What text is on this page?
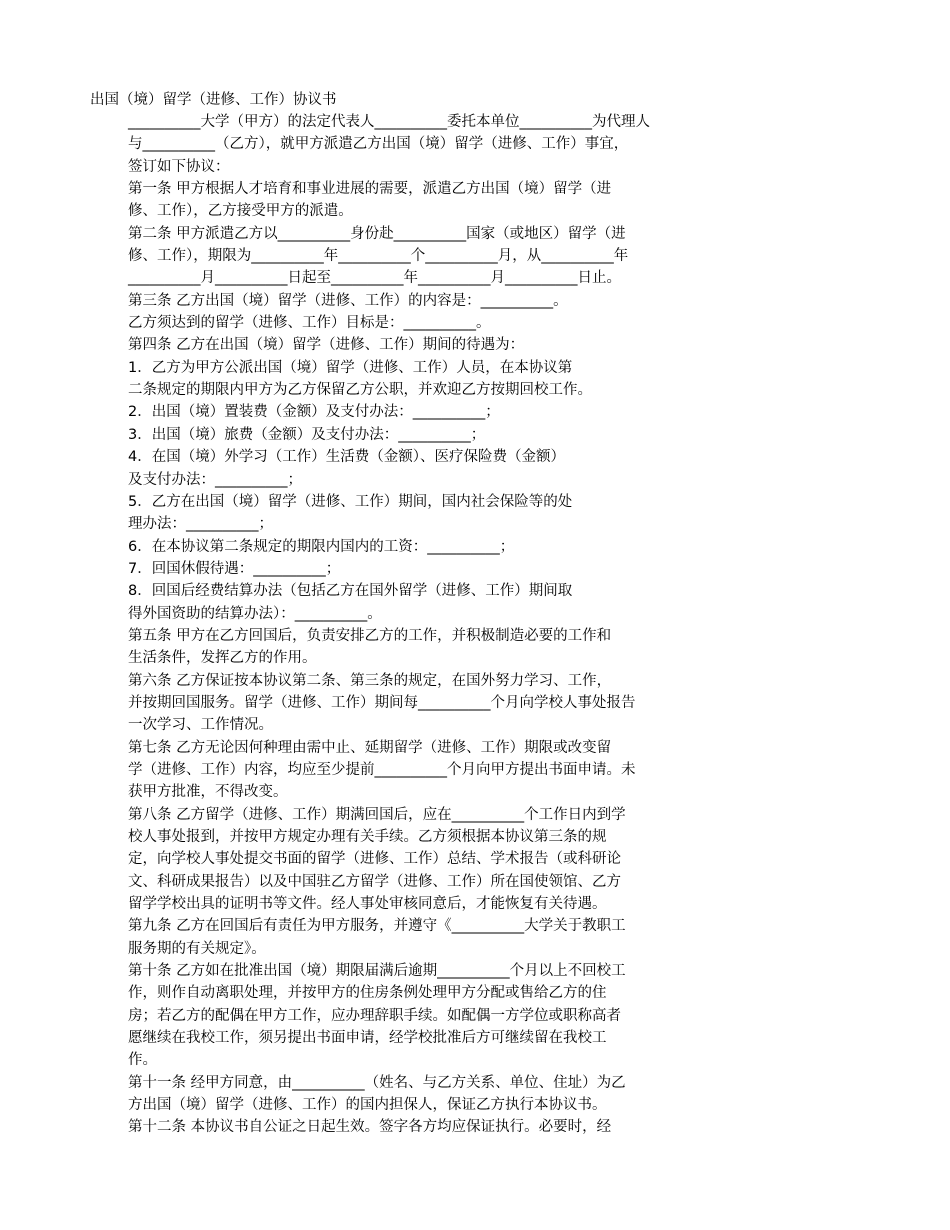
出国（境）留学（进修、工作）协议书
__________大学（甲方）的法定代表人__________委托本单位__________为代理人
与__________（乙方），就甲方派遣乙方出国（境）留学（进修、工作）事宜，
签订如下协议：
第一条 甲方根据人才培育和事业进展的需要，派遣乙方出国（境）留学（进
修、工作），乙方接受甲方的派遣。
第二条 甲方派遣乙方以__________身份赴__________国家（或地区）留学（进
修、工作），期限为__________年__________个__________月，从__________年
__________月__________日起至__________年__________月__________日止。
第三条 乙方出国（境）留学（进修、工作）的内容是：__________。
乙方须达到的留学（进修、工作）目标是：__________。
第四条 乙方在出国（境）留学（进修、工作）期间的待遇为：
1．乙方为甲方公派出国（境）留学（进修、工作）人员，在本协议第
二条规定的期限内甲方为乙方保留乙方公职，并欢迎乙方按期回校工作。
2．出国（境）置装费（金额）及支付办法：__________；
3．出国（境）旅费（金额）及支付办法：__________；
4．在国（境）外学习（工作）生活费（金额）、医疗保险费（金额）
及支付办法：__________；
5．乙方在出国（境）留学（进修、工作）期间，国内社会保险等的处
理办法：__________；
6．在本协议第二条规定的期限内国内的工资：__________；
7．回国休假待遇：__________；
8．回国后经费结算办法（包括乙方在国外留学（进修、工作）期间取
得外国资助的结算办法）：__________。
第五条 甲方在乙方回国后，负责安排乙方的工作，并积极制造必要的工作和
生活条件，发挥乙方的作用。
第六条 乙方保证按本协议第二条、第三条的规定，在国外努力学习、工作，
并按期回国服务。留学（进修、工作）期间每__________个月向学校人事处报告
一次学习、工作情况。
第七条 乙方无论因何种理由需中止、延期留学（进修、工作）期限或改变留
学（进修、工作）内容，均应至少提前__________个月向甲方提出书面申请。未
获甲方批准，不得改变。
第八条 乙方留学（进修、工作）期满回国后，应在__________个工作日内到学
校人事处报到，并按甲方规定办理有关手续。乙方须根据本协议第三条的规
定，向学校人事处提交书面的留学（进修、工作）总结、学术报告（或科研论
文、科研成果报告）以及中国驻乙方留学（进修、工作）所在国使领馆、乙方
留学学校出具的证明书等文件。经人事处审核同意后，才能恢复有关待遇。
第九条 乙方在回国后有责任为甲方服务，并遵守《__________大学关于教职工
服务期的有关规定》。
第十条 乙方如在批准出国（境）期限届满后逾期__________个月以上不回校工
作，则作自动离职处理，并按甲方的住房条例处理甲方分配或售给乙方的住
房；若乙方的配偶在甲方工作，应办理辞职手续。如配偶一方学位或职称高者
愿继续在我校工作，须另提出书面申请，经学校批准后方可继续留在我校工
作。
第十一条 经甲方同意，由__________（姓名、与乙方关系、单位、住址）为乙
方出国（境）留学（进修、工作）的国内担保人，保证乙方执行本协议书。
第十二条 本协议书自公证之日起生效。签字各方均应保证执行。必要时，经
